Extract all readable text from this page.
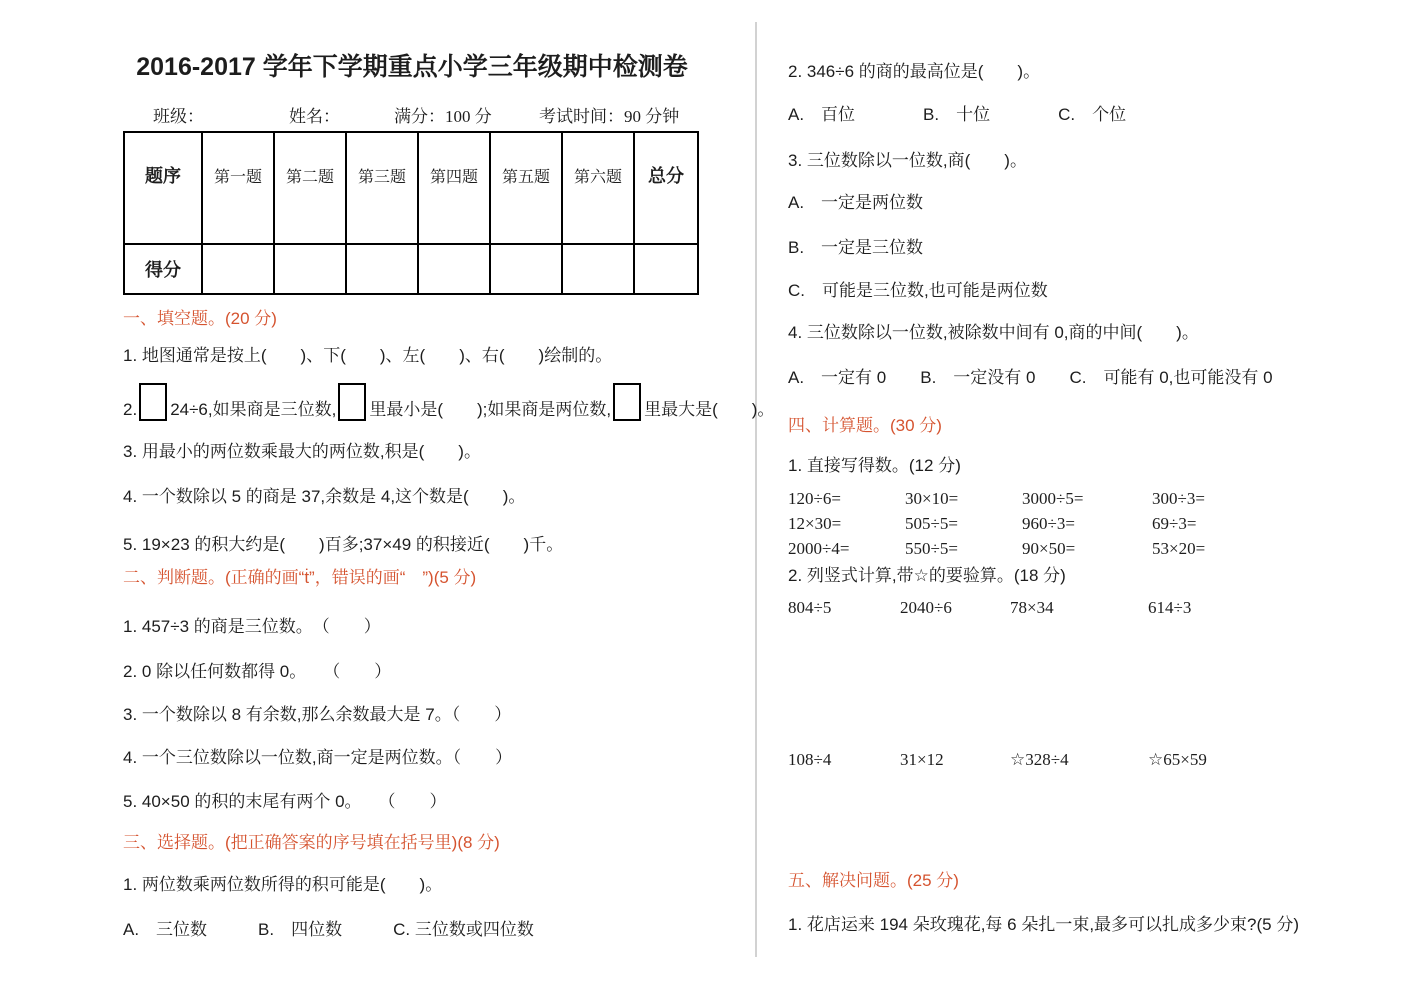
2016-2017 学年下学期重点小学三年级期中检测卷
班级：	姓名：	满分：100 分	考试时间：90 分钟
题序	第一题	第二题	第三题	第四题	第五题	第六题	总分
得分							

一、填空题。(20 分)

1. 地图通常是按上(　　)、下(　　)、左(　　)、右(　　)绘制的。

2. 24÷6,如果商是三位数, 里最小是(　　);如果商是两位数, 里最大是(　　)。

3. 用最小的两位数乘最大的两位数,积是(　　)。

4. 一个数除以 5 的商是 37,余数是 4,这个数是(　　)。

5. 19×23 的积大约是(　　)百多;37×49 的积接近(　　)千。

二、判断题。(正确的画“ṫ”，错误的画“　”)(5 分)

1. 457÷3 的商是三位数。　（　　）

2. 0 除以任何数都得 0。　　（　　）

3. 一个数除以 8 有余数,那么余数最大是 7。（　　）

4. 一个三位数除以一位数,商一定是两位数。（　　）

5. 40×50 的积的末尾有两个 0。　　（　　）

三、选择题。(把正确答案的序号填在括号里)(8 分)

1. 两位数乘两位数所得的积可能是(　　)。

A.　三位数　　　B.　四位数　　　C. 三位数或四位数

2. 346÷6 的商的最高位是(　　)。

A.　百位　　　　B.　十位　　　　C.　个位

3. 三位数除以一位数,商(　　)。

A.　一定是两位数

B.　一定是三位数

C.　可能是三位数,也可能是两位数

4. 三位数除以一位数,被除数中间有 0,商的中间(　　)。

A.　一定有 0　　B.　一定没有 0　　C.　可能有 0,也可能没有 0

四、计算题。(30 分)

1. 直接写得数。(12 分)

120÷6=	30×10=	3000÷5=	300÷3=
12×30=	505÷5=	960÷3=	69÷3=
2000÷4=	550÷5=	90×50=	53×20=

2. 列竖式计算,带☆的要验算。(18 分)

804÷5	2040÷6	78×34	614÷3
108÷4	31×12	☆328÷4	☆65×59

五、解决问题。(25 分)

1. 花店运来 194 朵玫瑰花,每 6 朵扎一束,最多可以扎成多少束?(5 分)
